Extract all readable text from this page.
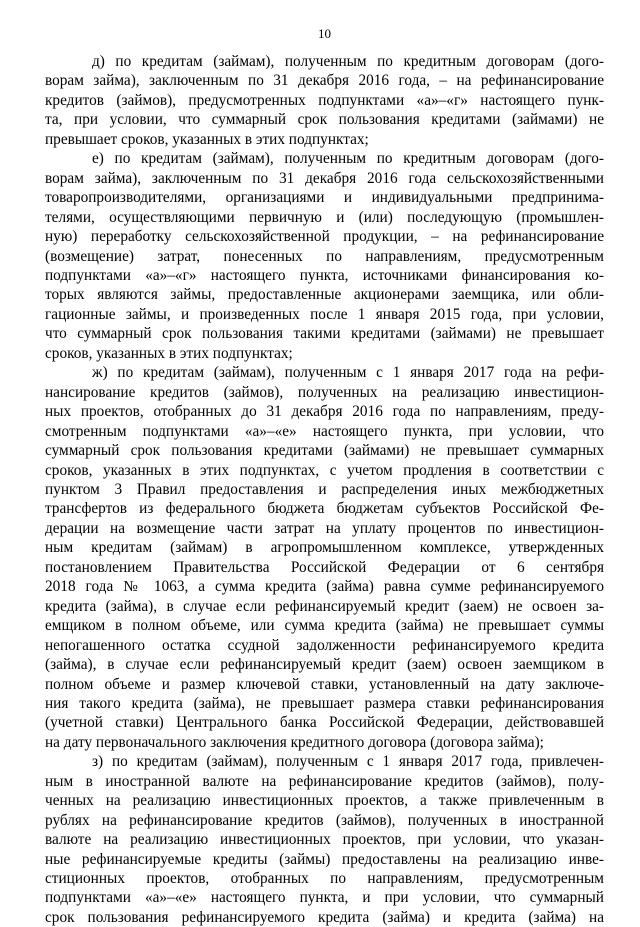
10
д) по кредитам (займам), полученным по кредитным договорам (дого-
ворам займа), заключенным по 31 декабря 2016 года, – на рефинансирование
кредитов (займов), предусмотренных подпунктами «а»–«г» настоящего пунк-
та, при условии, что суммарный срок пользования кредитами (займами) не
превышает сроков, указанных в этих подпунктах;
е) по кредитам (займам), полученным по кредитным договорам (дого-
ворам займа), заключенным по 31 декабря 2016 года сельскохозяйственными
товаропроизводителями, организациями и индивидуальными предпринима-
телями, осуществляющими первичную и (или) последующую (промышлен-
ную) переработку сельскохозяйственной продукции, – на рефинансирование
(возмещение) затрат, понесенных по направлениям, предусмотренным
подпунктами «а»–«г» настоящего пункта, источниками финансирования ко-
торых являются займы, предоставленные акционерами заемщика, или обли-
гационные займы, и произведенных после 1 января 2015 года, при условии,
что суммарный срок пользования такими кредитами (займами) не превышает
сроков, указанных в этих подпунктах;
ж) по кредитам (займам), полученным с 1 января 2017 года на рефи-
нансирование кредитов (займов), полученных на реализацию инвестицион-
ных проектов, отобранных до 31 декабря 2016 года по направлениям, преду-
смотренным подпунктами «а»–«е» настоящего пункта, при условии, что
суммарный срок пользования кредитами (займами) не превышает суммарных
сроков, указанных в этих подпунктах, с учетом продления в соответствии с
пунктом 3 Правил предоставления и распределения иных межбюджетных
трансфертов из федерального бюджета бюджетам субъектов Российской Фе-
дерации на возмещение части затрат на уплату процентов по инвестицион-
ным кредитам (займам) в агропромышленном комплексе, утвержденных
постановлением Правительства Российской Федерации от 6 сентября
2018 года № 1063, а сумма кредита (займа) равна сумме рефинансируемого
кредита (займа), в случае если рефинансируемый кредит (заем) не освоен за-
емщиком в полном объеме, или сумма кредита (займа) не превышает суммы
непогашенного остатка ссудной задолженности рефинансируемого кредита
(займа), в случае если рефинансируемый кредит (заем) освоен заемщиком в
полном объеме и размер ключевой ставки, установленный на дату заключе-
ния такого кредита (займа), не превышает размера ставки рефинансирования
(учетной ставки) Центрального банка Российской Федерации, действовавшей
на дату первоначального заключения кредитного договора (договора займа);
з) по кредитам (займам), полученным с 1 января 2017 года, привлечен-
ным в иностранной валюте на рефинансирование кредитов (займов), полу-
ченных на реализацию инвестиционных проектов, а также привлеченным в
рублях на рефинансирование кредитов (займов), полученных в иностранной
валюте на реализацию инвестиционных проектов, при условии, что указан-
ные рефинансируемые кредиты (займы) предоставлены на реализацию инве-
стиционных проектов, отобранных по направлениям, предусмотренным
подпунктами «а»–«е» настоящего пункта, и при условии, что суммарный
срок пользования рефинансируемого кредита (займа) и кредита (займа) на
